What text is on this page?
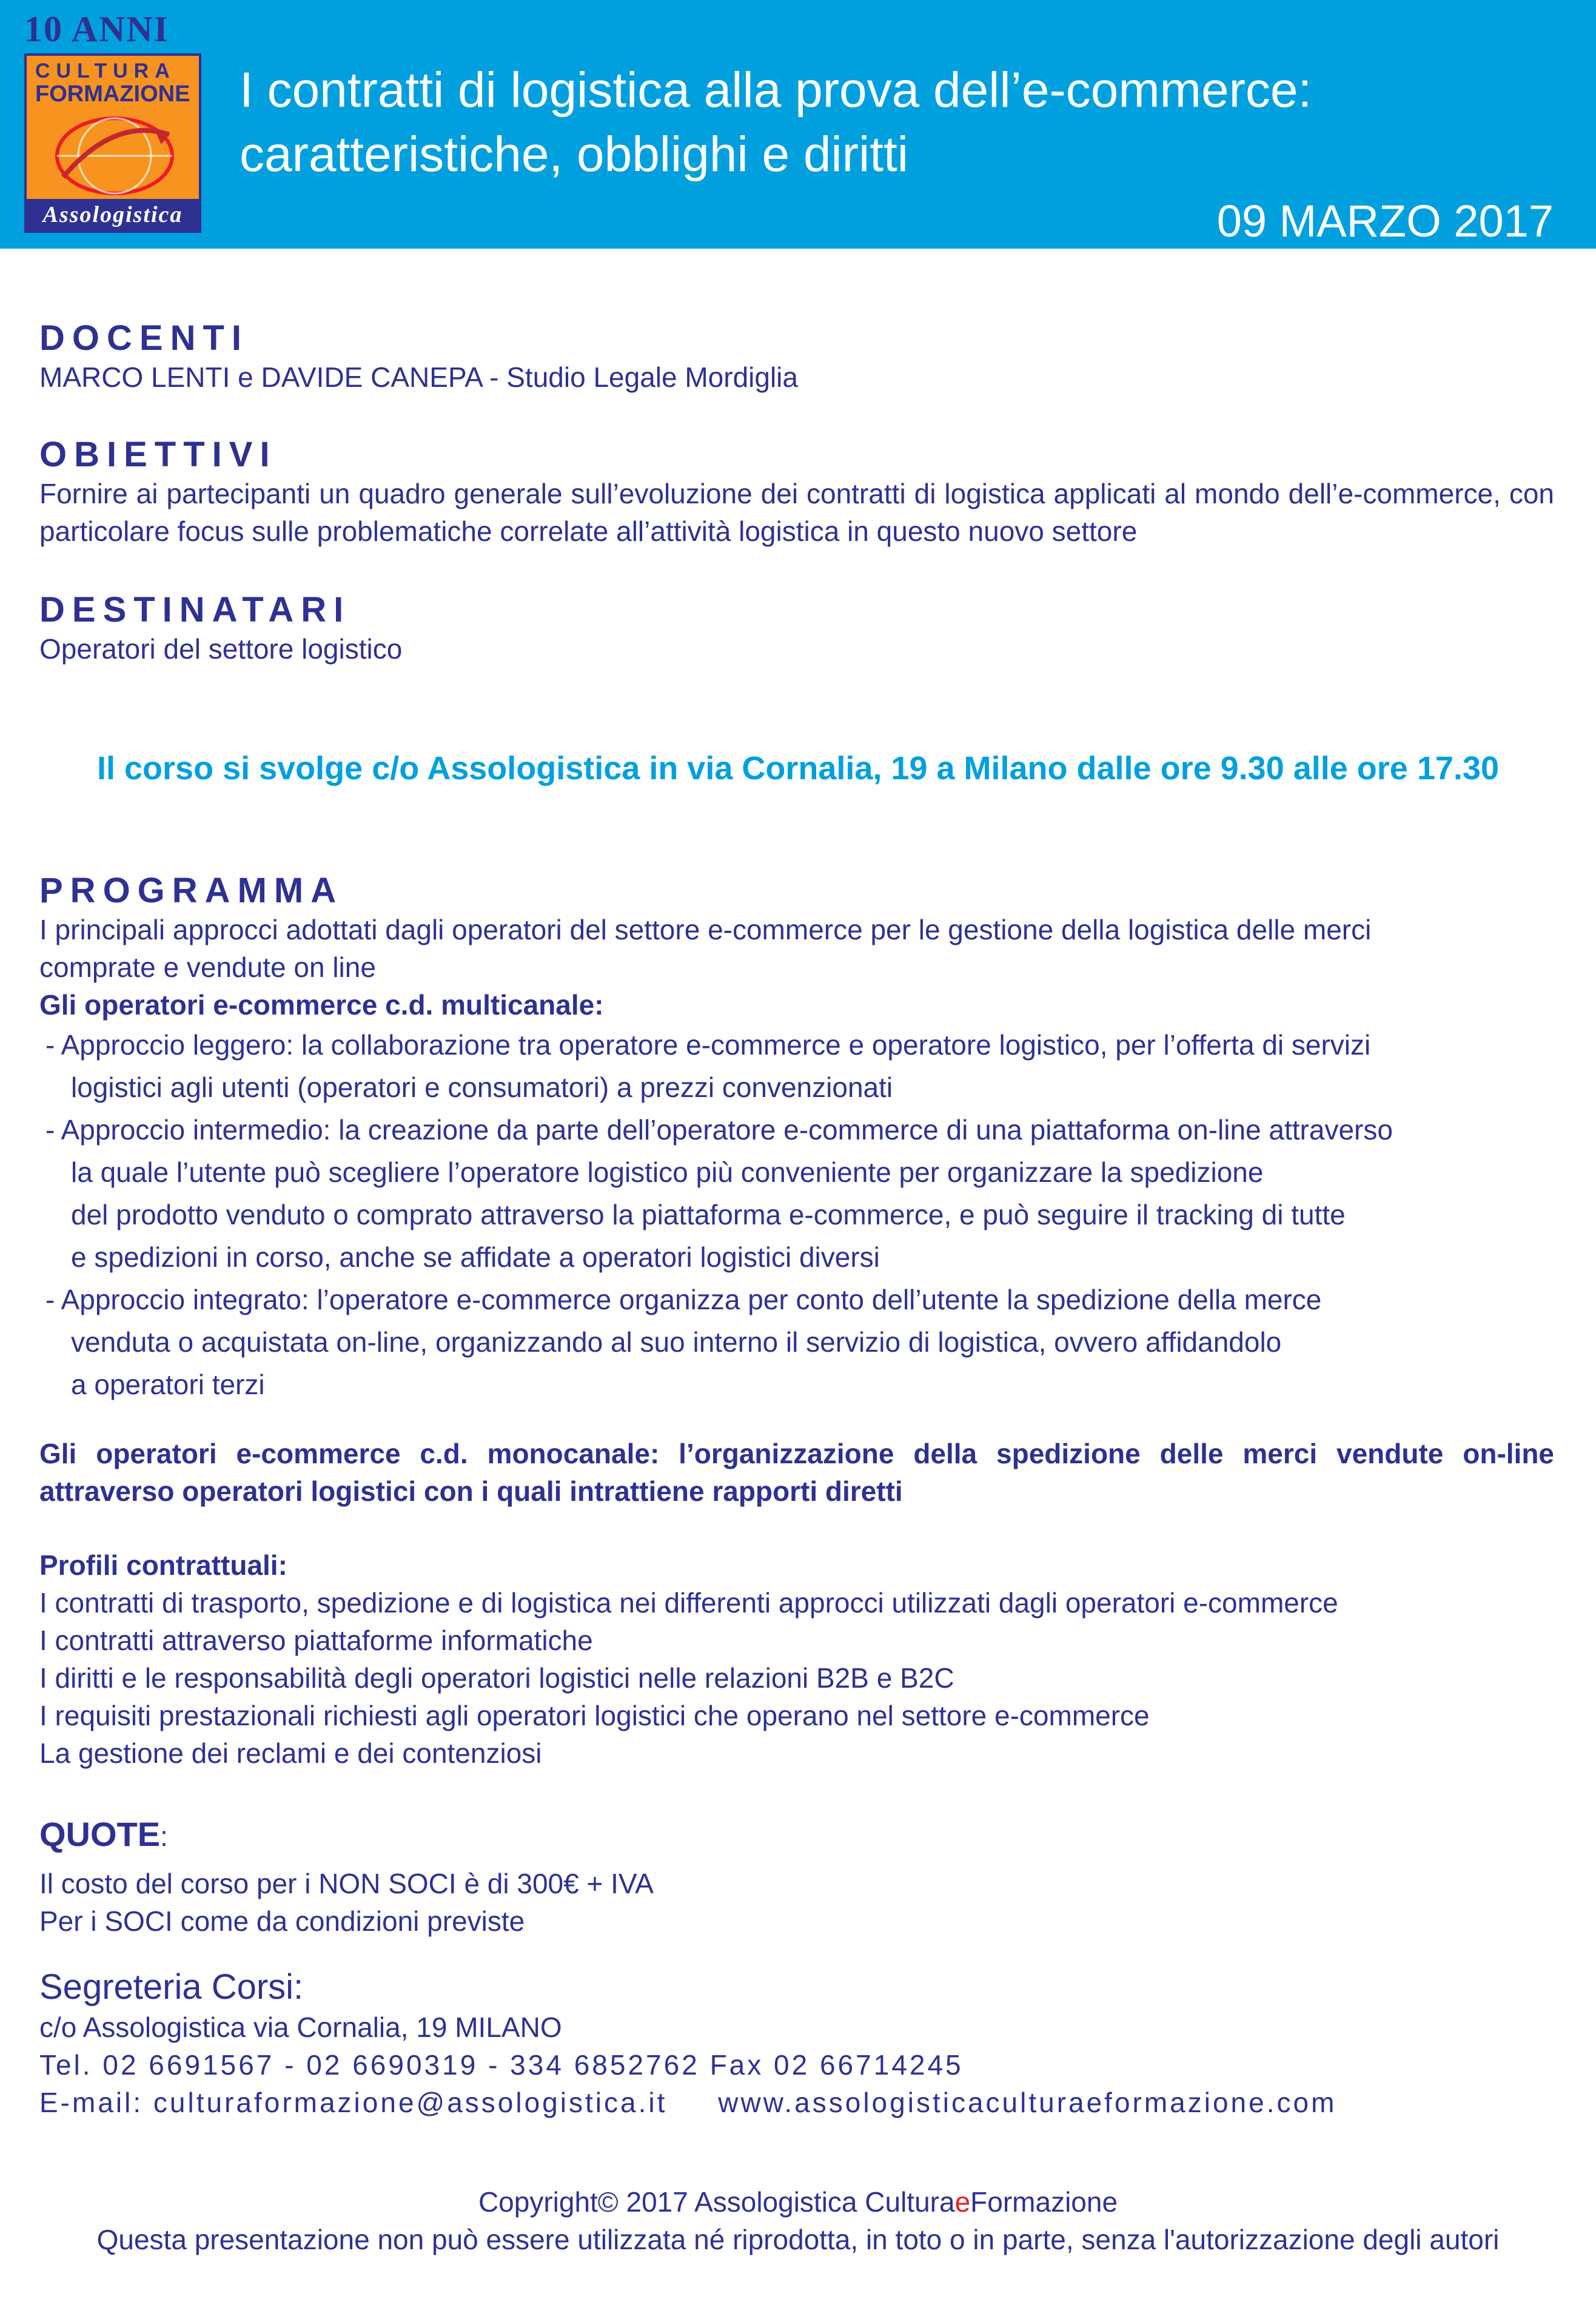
10 ANNI
CULTURA
FORMAZIONE
Assologistica
I contratti di logistica alla prova dell’e-commerce:
caratteristiche, obblighi e diritti
09 MARZO 2017
DOCENTI

MARCO LENTI e DAVIDE CANEPA - Studio Legale Mordiglia

OBIETTIVI

Fornire ai partecipanti un quadro generale sull’evoluzione dei contratti di logistica applicati al mondo dell’e-commerce, con particolare focus sulle problematiche correlate all’attività logistica in questo nuovo settore

DESTINATARI

Operatori del settore logistico

Il corso si svolge c/o Assologistica in via Cornalia, 19 a Milano dalle ore 9.30 alle ore 17.30
PROGRAMMA

I principali approcci adottati dagli operatori del settore e-commerce per le gestione della logistica delle merci

comprate e vendute on line

Gli operatori e-commerce c.d. multicanale:

- Approccio leggero: la collaborazione tra operatore e-commerce e operatore logistico, per l’offerta di servizi

logistici agli utenti (operatori e consumatori) a prezzi convenzionati

- Approccio intermedio: la creazione da parte dell’operatore e-commerce di una piattaforma on-line attraverso

la quale l’utente può scegliere l’operatore logistico più conveniente per organizzare la spedizione

del prodotto venduto o comprato attraverso la piattaforma e-commerce, e può seguire il tracking di tutte

e spedizioni in corso, anche se affidate a operatori logistici diversi

- Approccio integrato: l’operatore e-commerce organizza per conto dell’utente la spedizione della merce

venduta o acquistata on-line, organizzando al suo interno il servizio di logistica, ovvero affidandolo

a operatori terzi

Gli operatori e-commerce c.d. monocanale: l’organizzazione della spedizione delle merci vendute on-line attraverso operatori logistici con i quali intrattiene rapporti diretti

Profili contrattuali:

I contratti di trasporto, spedizione e di logistica nei differenti approcci utilizzati dagli operatori e-commerce

I contratti attraverso piattaforme informatiche

I diritti e le responsabilità degli operatori logistici nelle relazioni B2B e B2C

I requisiti prestazionali richiesti agli operatori logistici che operano nel settore e-commerce

La gestione dei reclami e dei contenziosi

QUOTE:

Il costo del corso per i NON SOCI è di 300€ + IVA

Per i SOCI come da condizioni previste

Segreteria Corsi:

c/o Assologistica via Cornalia, 19 MILANO

Tel. 02 6691567 - 02 6690319 - 334 6852762 Fax 02 66714245

E-mail: culturaformazione@assologistica.it www.assologisticaculturaeformazione.com

Copyright© 2017 Assologistica CulturaeFormazione
Questa presentazione non può essere utilizzata né riprodotta, in toto o in parte, senza l'autorizzazione degli autori
